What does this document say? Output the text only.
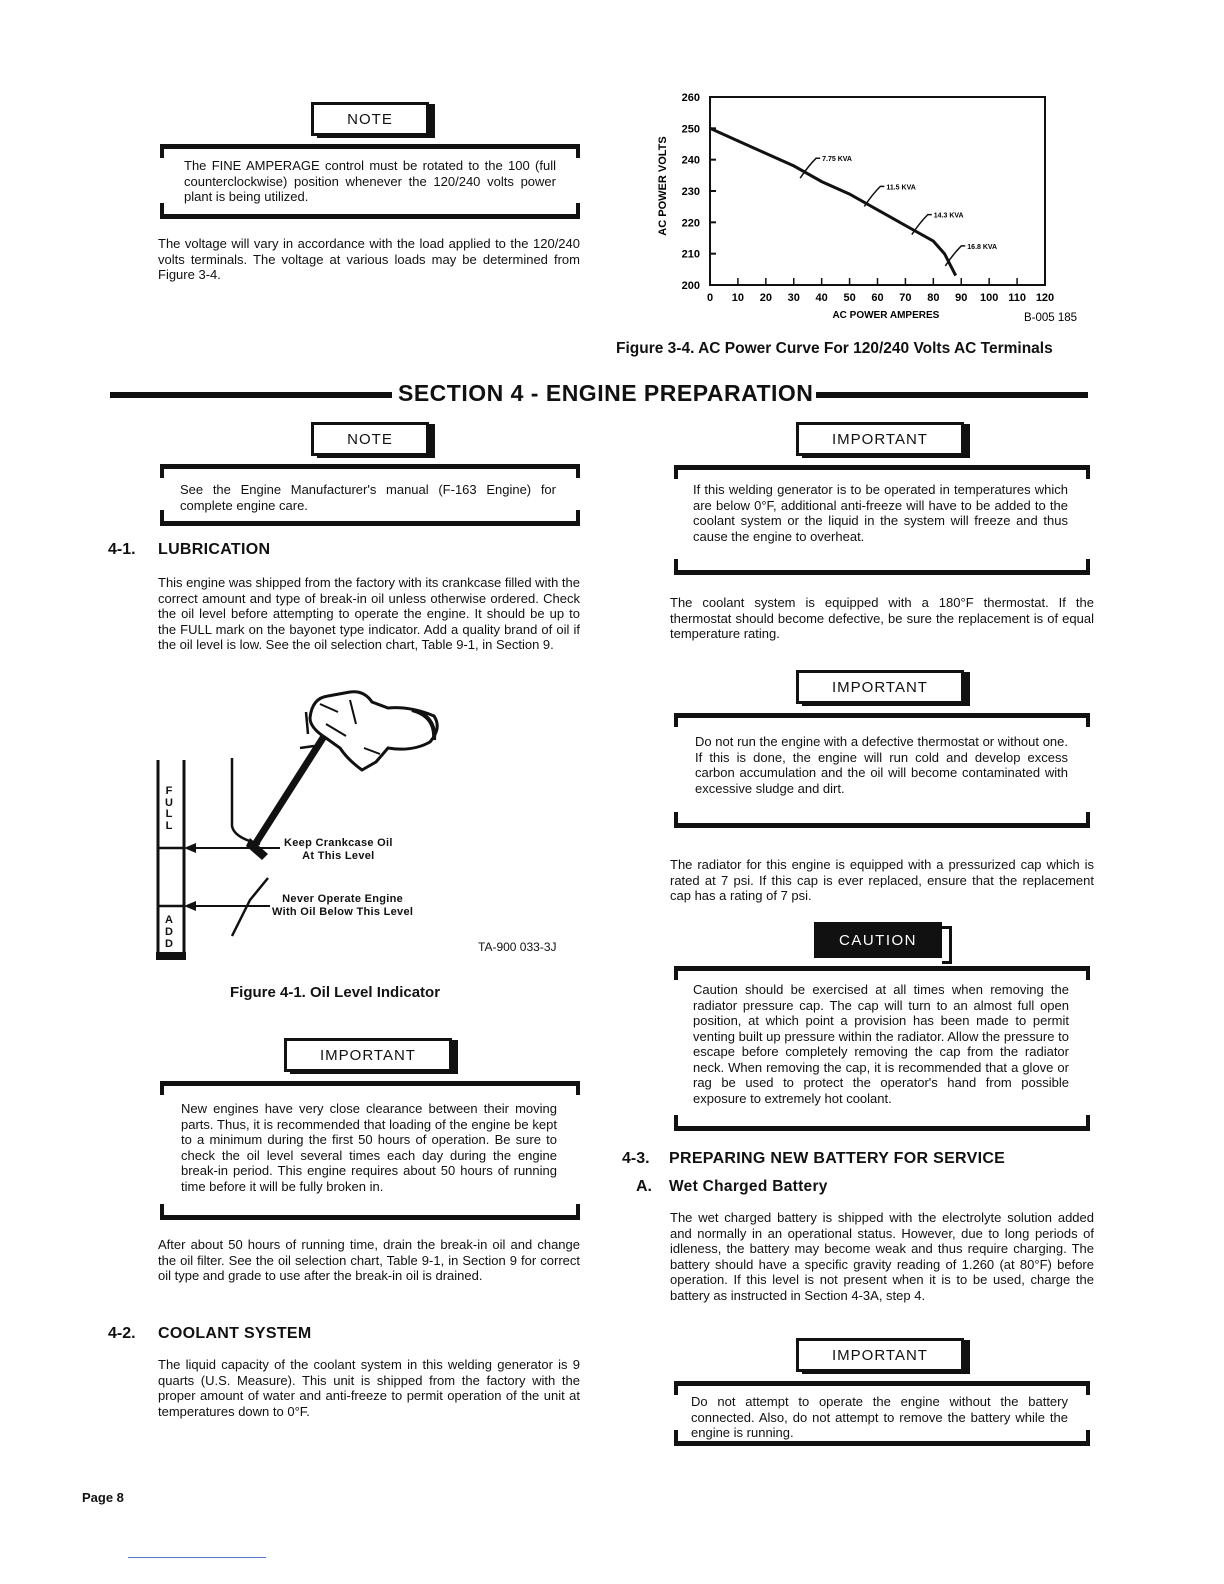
NOTE

The FINE AMPERAGE control must be rotated to the 100 (full counterclockwise) position whenever the 120/240 volts power plant is being utilized.

The voltage will vary in accordance with the load applied to the 120/240 volts terminals. The voltage at various loads may be determined from Figure 3-4.

260
250
240
230
220
210
200
0 10 20 30 40 50 60 70 80 90 100 110 120
7.75 KVA
11.5 KVA
14.3 KVA
16.8 KVA
AC POWER VOLTS
AC POWER AMPERES	B-005 185
Figure 3-4. AC Power Curve For 120/240 Volts AC Terminals
SECTION 4 - ENGINE PREPARATION
NOTE

See the Engine Manufacturer's manual (F-163 Engine) for complete engine care.

4-1. LUBRICATION

This engine was shipped from the factory with its crankcase filled with the correct amount and type of break-in oil unless otherwise ordered. Check the oil level before attempting to operate the engine. It should be up to the FULL mark on the bayonet type indicator. Add a quality brand of oil if the oil level is low. See the oil selection chart, Table 9-1, in Section 9.

F
U
L
L
A
D
D
Keep Crankcase Oil
At This Level
Never Operate Engine
With Oil Below This Level
TA-900 033-3J
Figure 4-1. Oil Level Indicator
IMPORTANT

New engines have very close clearance between their moving parts. Thus, it is recommended that loading of the engine be kept to a minimum during the first 50 hours of operation. Be sure to check the oil level several times each day during the engine break-in period. This engine requires about 50 hours of running time before it will be fully broken in.

After about 50 hours of running time, drain the break-in oil and change the oil filter. See the oil selection chart, Table 9-1, in Section 9 for correct oil type and grade to use after the break-in oil is drained.

4-2. COOLANT SYSTEM

The liquid capacity of the coolant system in this welding generator is 9 quarts (U.S. Measure). This unit is shipped from the factory with the proper amount of water and anti-freeze to permit operation of the unit at temperatures down to 0°F.

IMPORTANT

If this welding generator is to be operated in temperatures which are below 0°F, additional anti-freeze will have to be added to the coolant system or the liquid in the system will freeze and thus cause the engine to overheat.

The coolant system is equipped with a 180°F thermostat. If the thermostat should become defective, be sure the replacement is of equal temperature rating.

IMPORTANT

Do not run the engine with a defective thermostat or without one. If this is done, the engine will run cold and develop excess carbon accumulation and the oil will become contaminated with excessive sludge and dirt.

The radiator for this engine is equipped with a pressurized cap which is rated at 7 psi. If this cap is ever replaced, ensure that the replacement cap has a rating of 7 psi.

CAUTION

Caution should be exercised at all times when removing the radiator pressure cap. The cap will turn to an almost full open position, at which point a provision has been made to permit venting built up pressure within the radiator. Allow the pressure to escape before completely removing the cap from the radiator neck. When removing the cap, it is recommended that a glove or rag be used to protect the operator's hand from possible exposure to extremely hot coolant.

4-3. PREPARING NEW BATTERY FOR SERVICE
A. Wet Charged Battery

The wet charged battery is shipped with the electrolyte solution added and normally in an operational status. However, due to long periods of idleness, the battery may become weak and thus require charging. The battery should have a specific gravity reading of 1.260 (at 80°F) before operation. If this level is not present when it is to be used, charge the battery as instructed in Section 4-3A, step 4.

IMPORTANT

Do not attempt to operate the engine without the battery connected. Also, do not attempt to remove the battery while the engine is running.

Page 8
